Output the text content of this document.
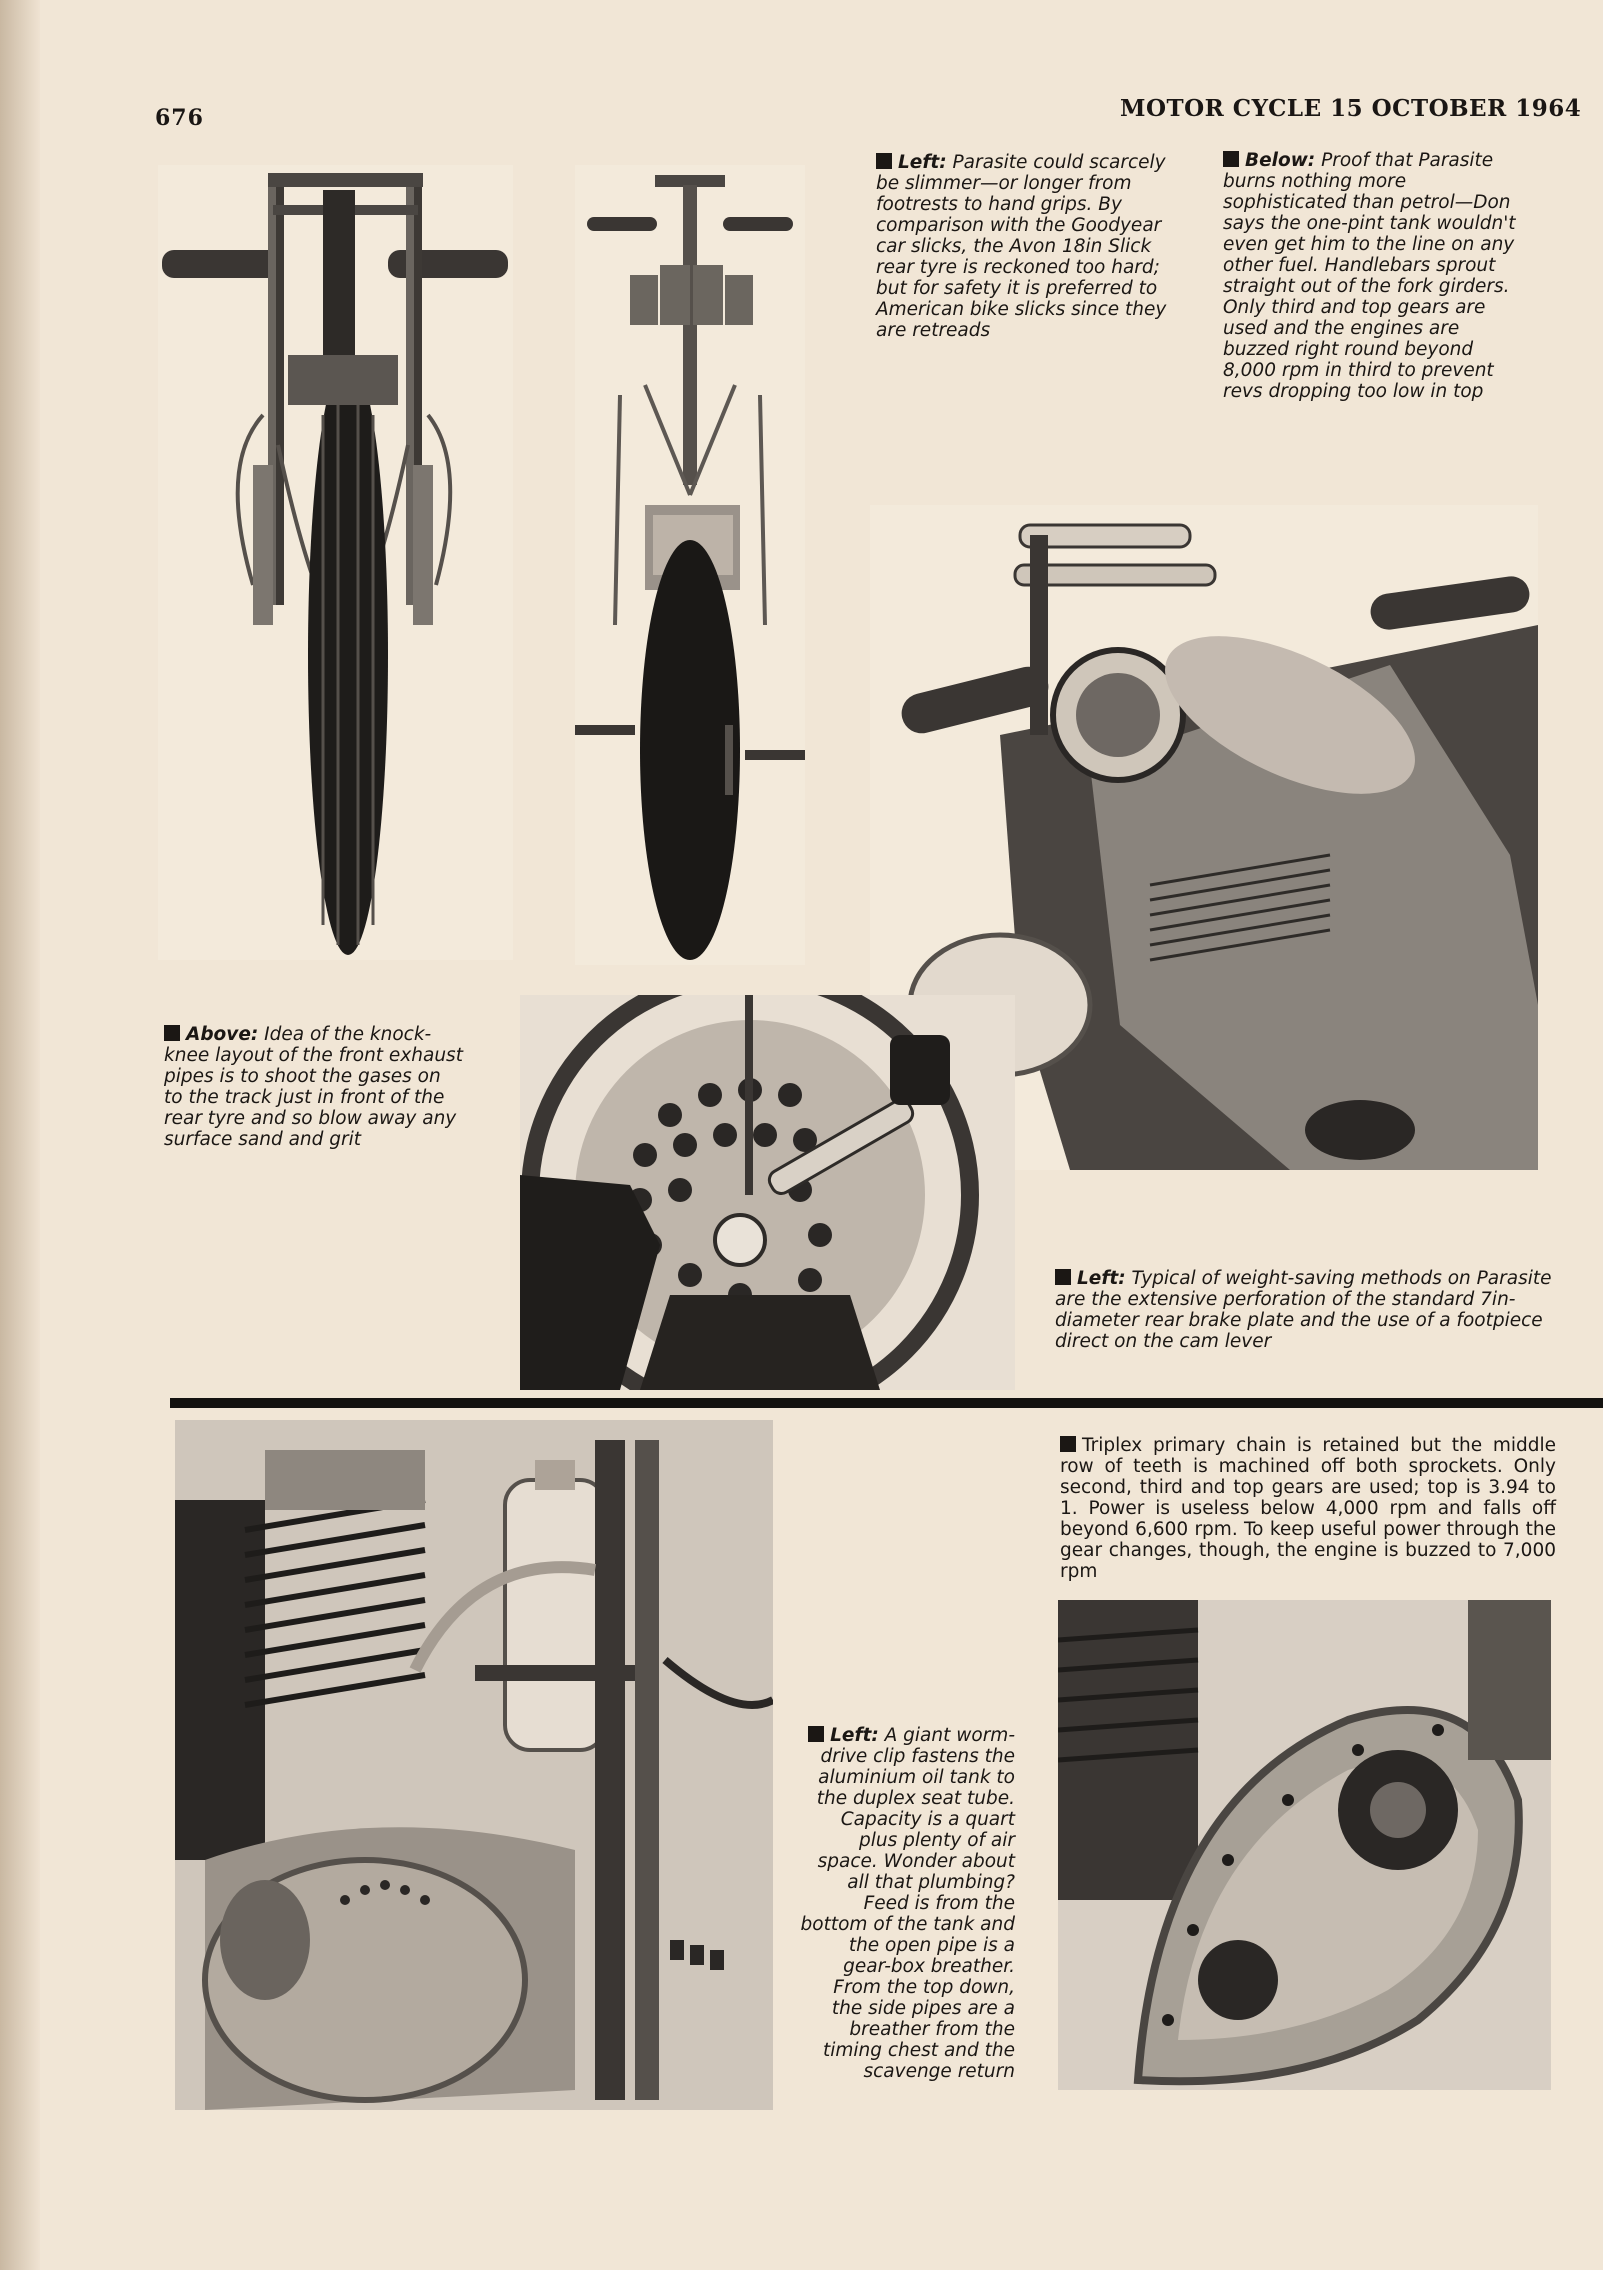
676	MOTOR CYCLE 15 OCTOBER 1964
Left: Parasite could scarcely be slimmer—or longer from footrests to hand grips. By comparison with the Goodyear car slicks, the Avon 18in Slick rear tyre is reckoned too hard; but for safety it is preferred to American bike slicks since they are retreads
Below: Proof that Parasite burns nothing more sophisticated than petrol—Don says the one-pint tank wouldn't even get him to the line on any other fuel. Handlebars sprout straight out of the fork girders. Only third and top gears are used and the engines are buzzed right round beyond 8,000 rpm in third to prevent revs dropping too low in top
Above: Idea of the knock-knee layout of the front exhaust pipes is to shoot the gases on to the track just in front of the rear tyre and so blow away any surface sand and grit
Left: Typical of weight-saving methods on Parasite are the extensive perforation of the standard 7in-diameter rear brake plate and the use of a footpiece direct on the cam lever
Triplex primary chain is retained but the middle row of teeth is machined off both sprockets. Only second, third and top gears are used; top is 3.94 to 1. Power is useless below 4,000 rpm and falls off beyond 6,600 rpm. To keep useful power through the gear changes, though, the engine is buzzed to 7,000 rpm
Left: A giant worm-drive clip fastens the aluminium oil tank to the duplex seat tube. Capacity is a quart plus plenty of air space. Wonder about all that plumbing? Feed is from the bottom of the tank and the open pipe is a gear-box breather. From the top down, the side pipes are a breather from the timing chest and the scavenge return
